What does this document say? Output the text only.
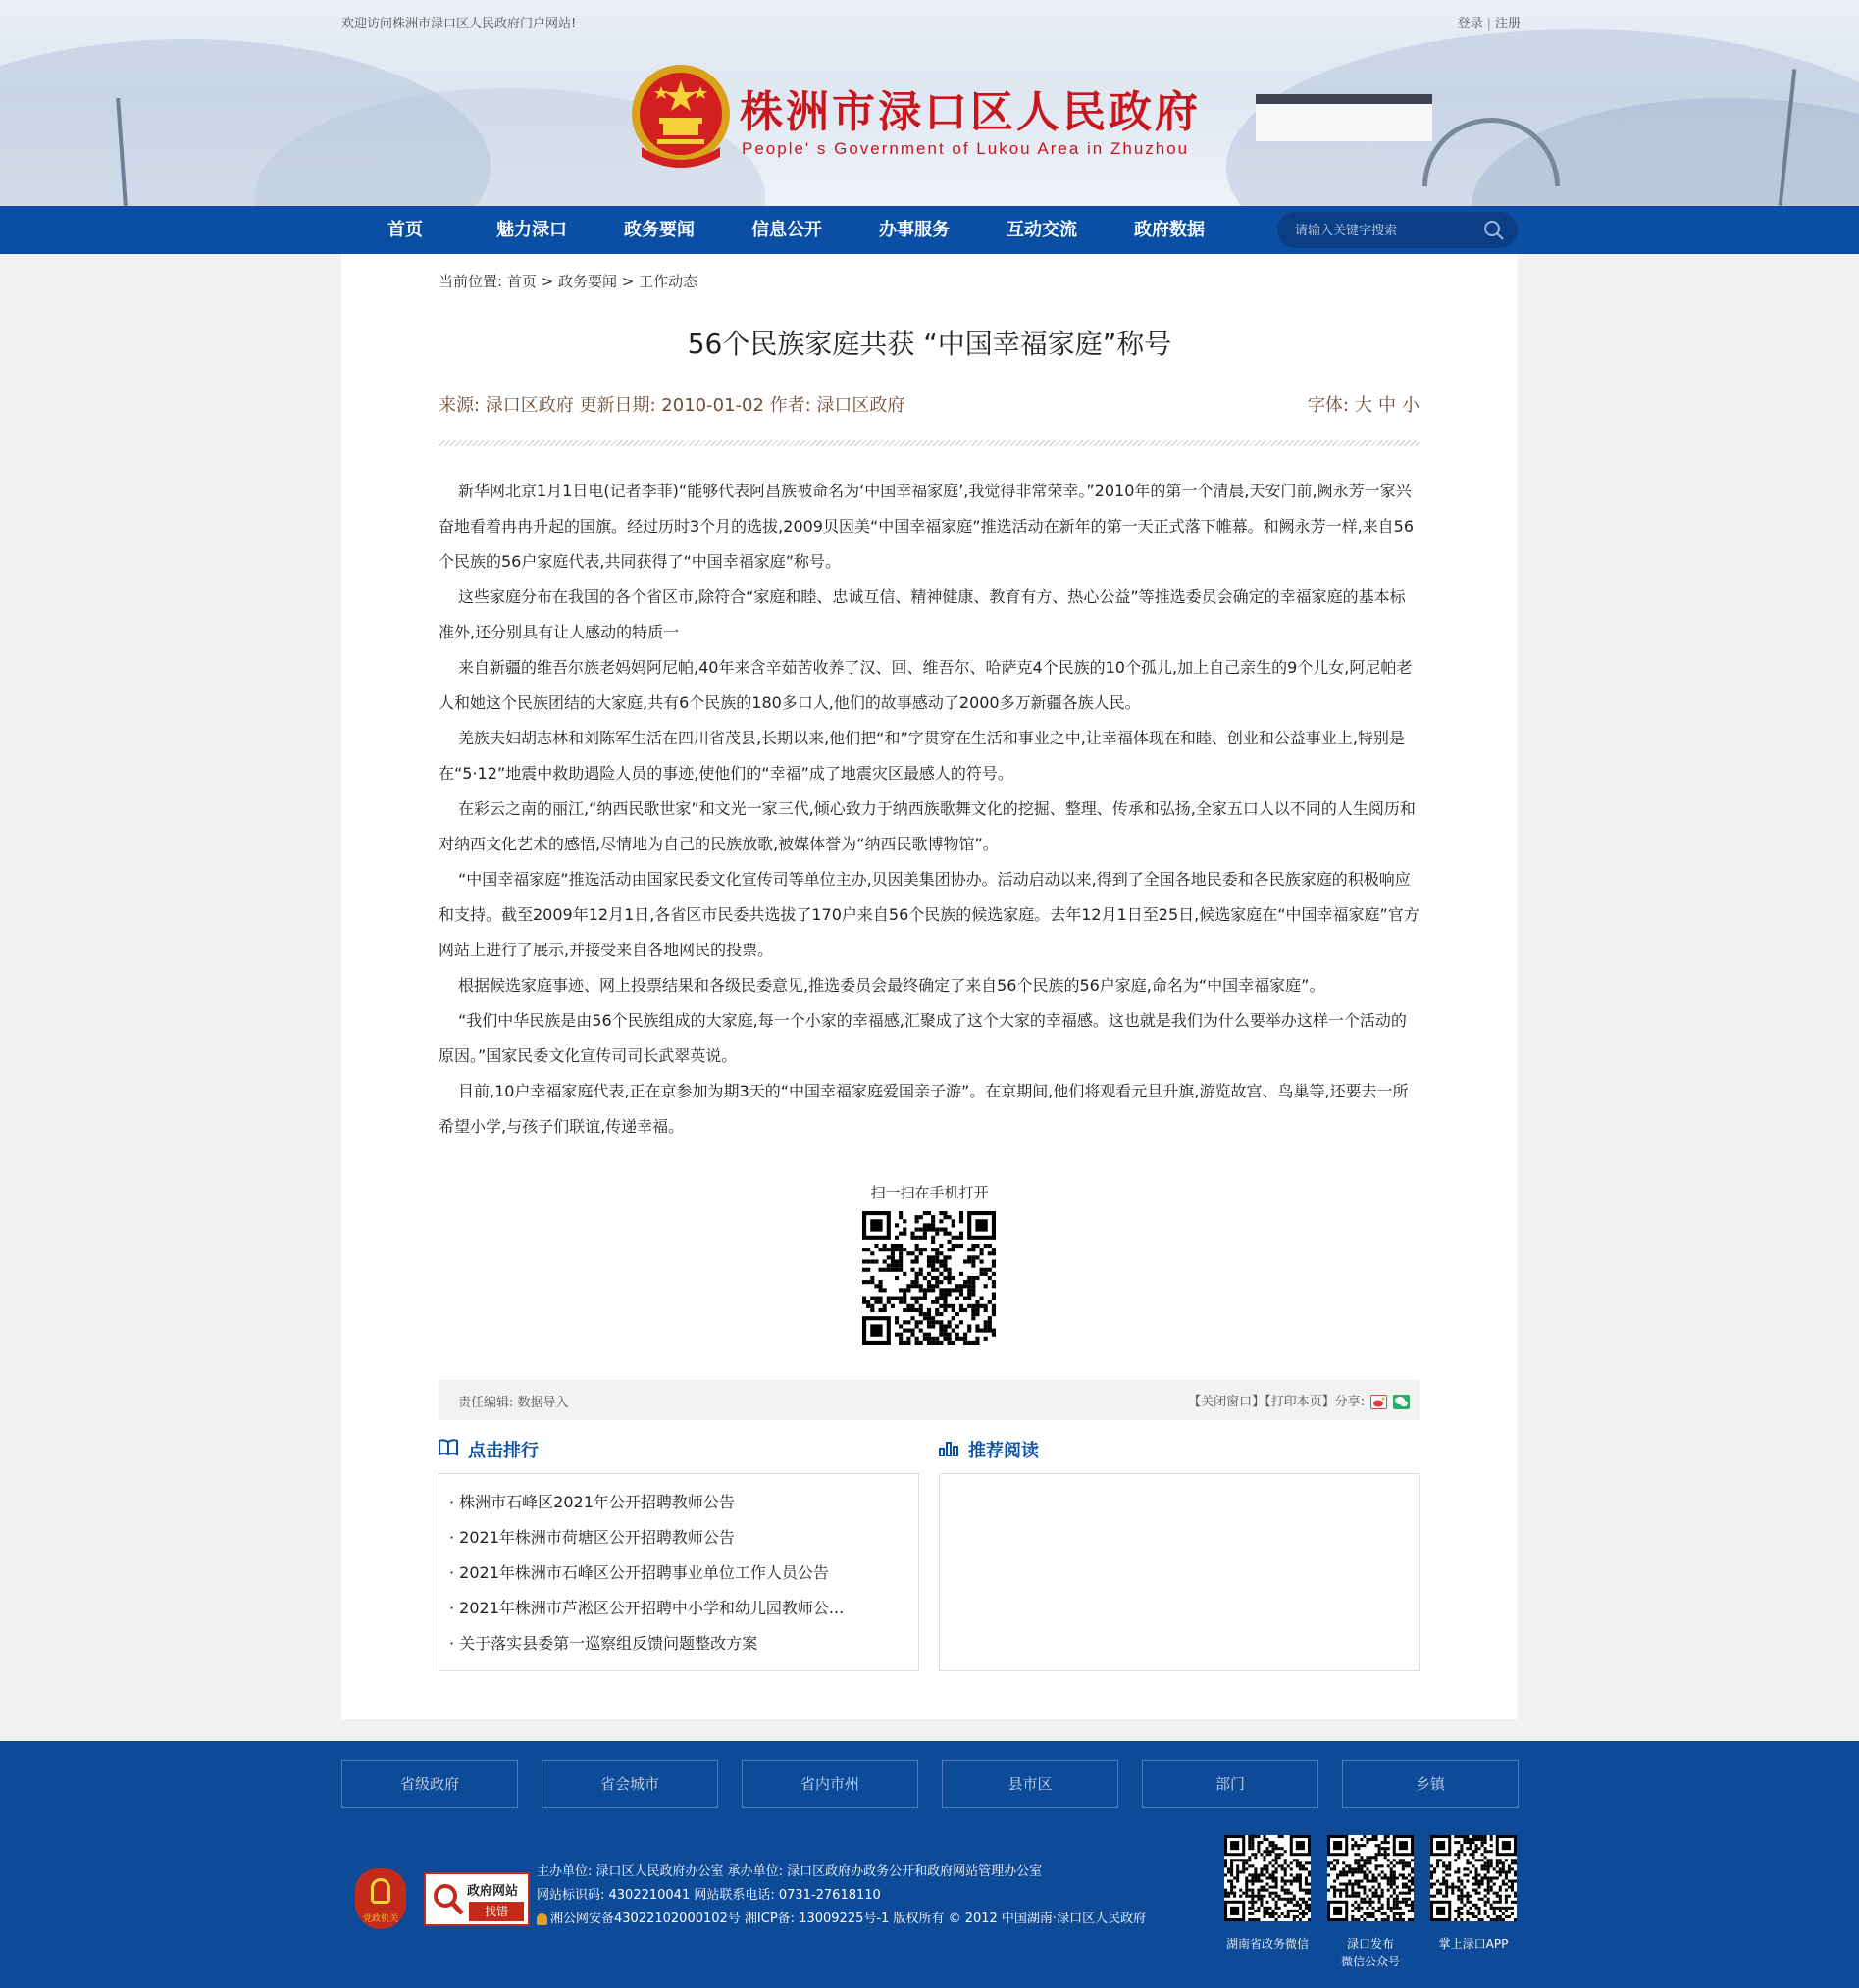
欢迎访问株洲市渌口区人民政府门户网站!	登录 | 注册
株洲市渌口区人民政府
People' s Government of Lukou Area in Zhuzhou
首页	魅力渌口	政务要闻	信息公开	办事服务	互动交流	政府数据
请输入关键字搜索
当前位置: 首页 > 政务要闻 > 工作动态
56个民族家庭共获 “中国幸福家庭”称号
来源: 渌口区政府 更新日期: 2010-01-02 作者: 渌口区政府	字体: 大 中 小

新华网北京1月1日电(记者李菲)“能够代表阿昌族被命名为‘中国幸福家庭’,我觉得非常荣幸。”2010年的第一个清晨,天安门前,阙永芳一家兴奋地看着冉冉升起的国旗。经过历时3个月的选拔,2009贝因美“中国幸福家庭”推选活动在新年的第一天正式落下帷幕。和阙永芳一样,来自56个民族的56户家庭代表,共同获得了“中国幸福家庭”称号。

这些家庭分布在我国的各个省区市,除符合“家庭和睦、忠诚互信、精神健康、教育有方、热心公益”等推选委员会确定的幸福家庭的基本标准外,还分别具有让人感动的特质一

来自新疆的维吾尔族老妈妈阿尼帕,40年来含辛茹苦收养了汉、回、维吾尔、哈萨克4个民族的10个孤儿,加上自己亲生的9个儿女,阿尼帕老人和她这个民族团结的大家庭,共有6个民族的180多口人,他们的故事感动了2000多万新疆各族人民。

羌族夫妇胡志林和刘陈军生活在四川省茂县,长期以来,他们把“和”字贯穿在生活和事业之中,让幸福体现在和睦、创业和公益事业上,特别是在“5·12”地震中救助遇险人员的事迹,使他们的“幸福”成了地震灾区最感人的符号。

在彩云之南的丽江,“纳西民歌世家”和文光一家三代,倾心致力于纳西族歌舞文化的挖掘、整理、传承和弘扬,全家五口人以不同的人生阅历和对纳西文化艺术的感悟,尽情地为自己的民族放歌,被媒体誉为“纳西民歌博物馆”。

“中国幸福家庭”推选活动由国家民委文化宣传司等单位主办,贝因美集团协办。活动启动以来,得到了全国各地民委和各民族家庭的积极响应和支持。截至2009年12月1日,各省区市民委共选拔了170户来自56个民族的候选家庭。去年12月1日至25日,候选家庭在“中国幸福家庭”官方网站上进行了展示,并接受来自各地网民的投票。

根据候选家庭事迹、网上投票结果和各级民委意见,推选委员会最终确定了来自56个民族的56户家庭,命名为“中国幸福家庭”。

“我们中华民族是由56个民族组成的大家庭,每一个小家的幸福感,汇聚成了这个大家的幸福感。这也就是我们为什么要举办这样一个活动的原因。”国家民委文化宣传司司长武翠英说。

目前,10户幸福家庭代表,正在京参加为期3天的“中国幸福家庭爱国亲子游”。在京期间,他们将观看元旦升旗,游览故宫、鸟巢等,还要去一所希望小学,与孩子们联谊,传递幸福。

扫一扫在手机打开
责任编辑: 数据导入	【关闭窗口】【打印本页】分享:
点击排行
· 株洲市石峰区2021年公开招聘教师公告
· 2021年株洲市荷塘区公开招聘教师公告
· 2021年株洲市石峰区公开招聘事业单位工作人员公告
· 2021年株洲市芦淞区公开招聘中小学和幼儿园教师公...
· 关于落实县委第一巡察组反馈问题整改方案
推荐阅读
省级政府	省会城市	省内市州	县市区	部门	乡镇
党政机关
政府网站
找错
主办单位: 渌口区人民政府办公室 承办单位: 渌口区政府办政务公开和政府网站管理办公室
网站标识码: 4302210041 网站联系电话: 0731-27618110
湘公网安备43022102000102号 湘ICP备: 13009225号-1 版权所有 © 2012 中国湖南·渌口区人民政府
湖南省政务微信	渌口发布
微信公众号
掌上渌口APP
